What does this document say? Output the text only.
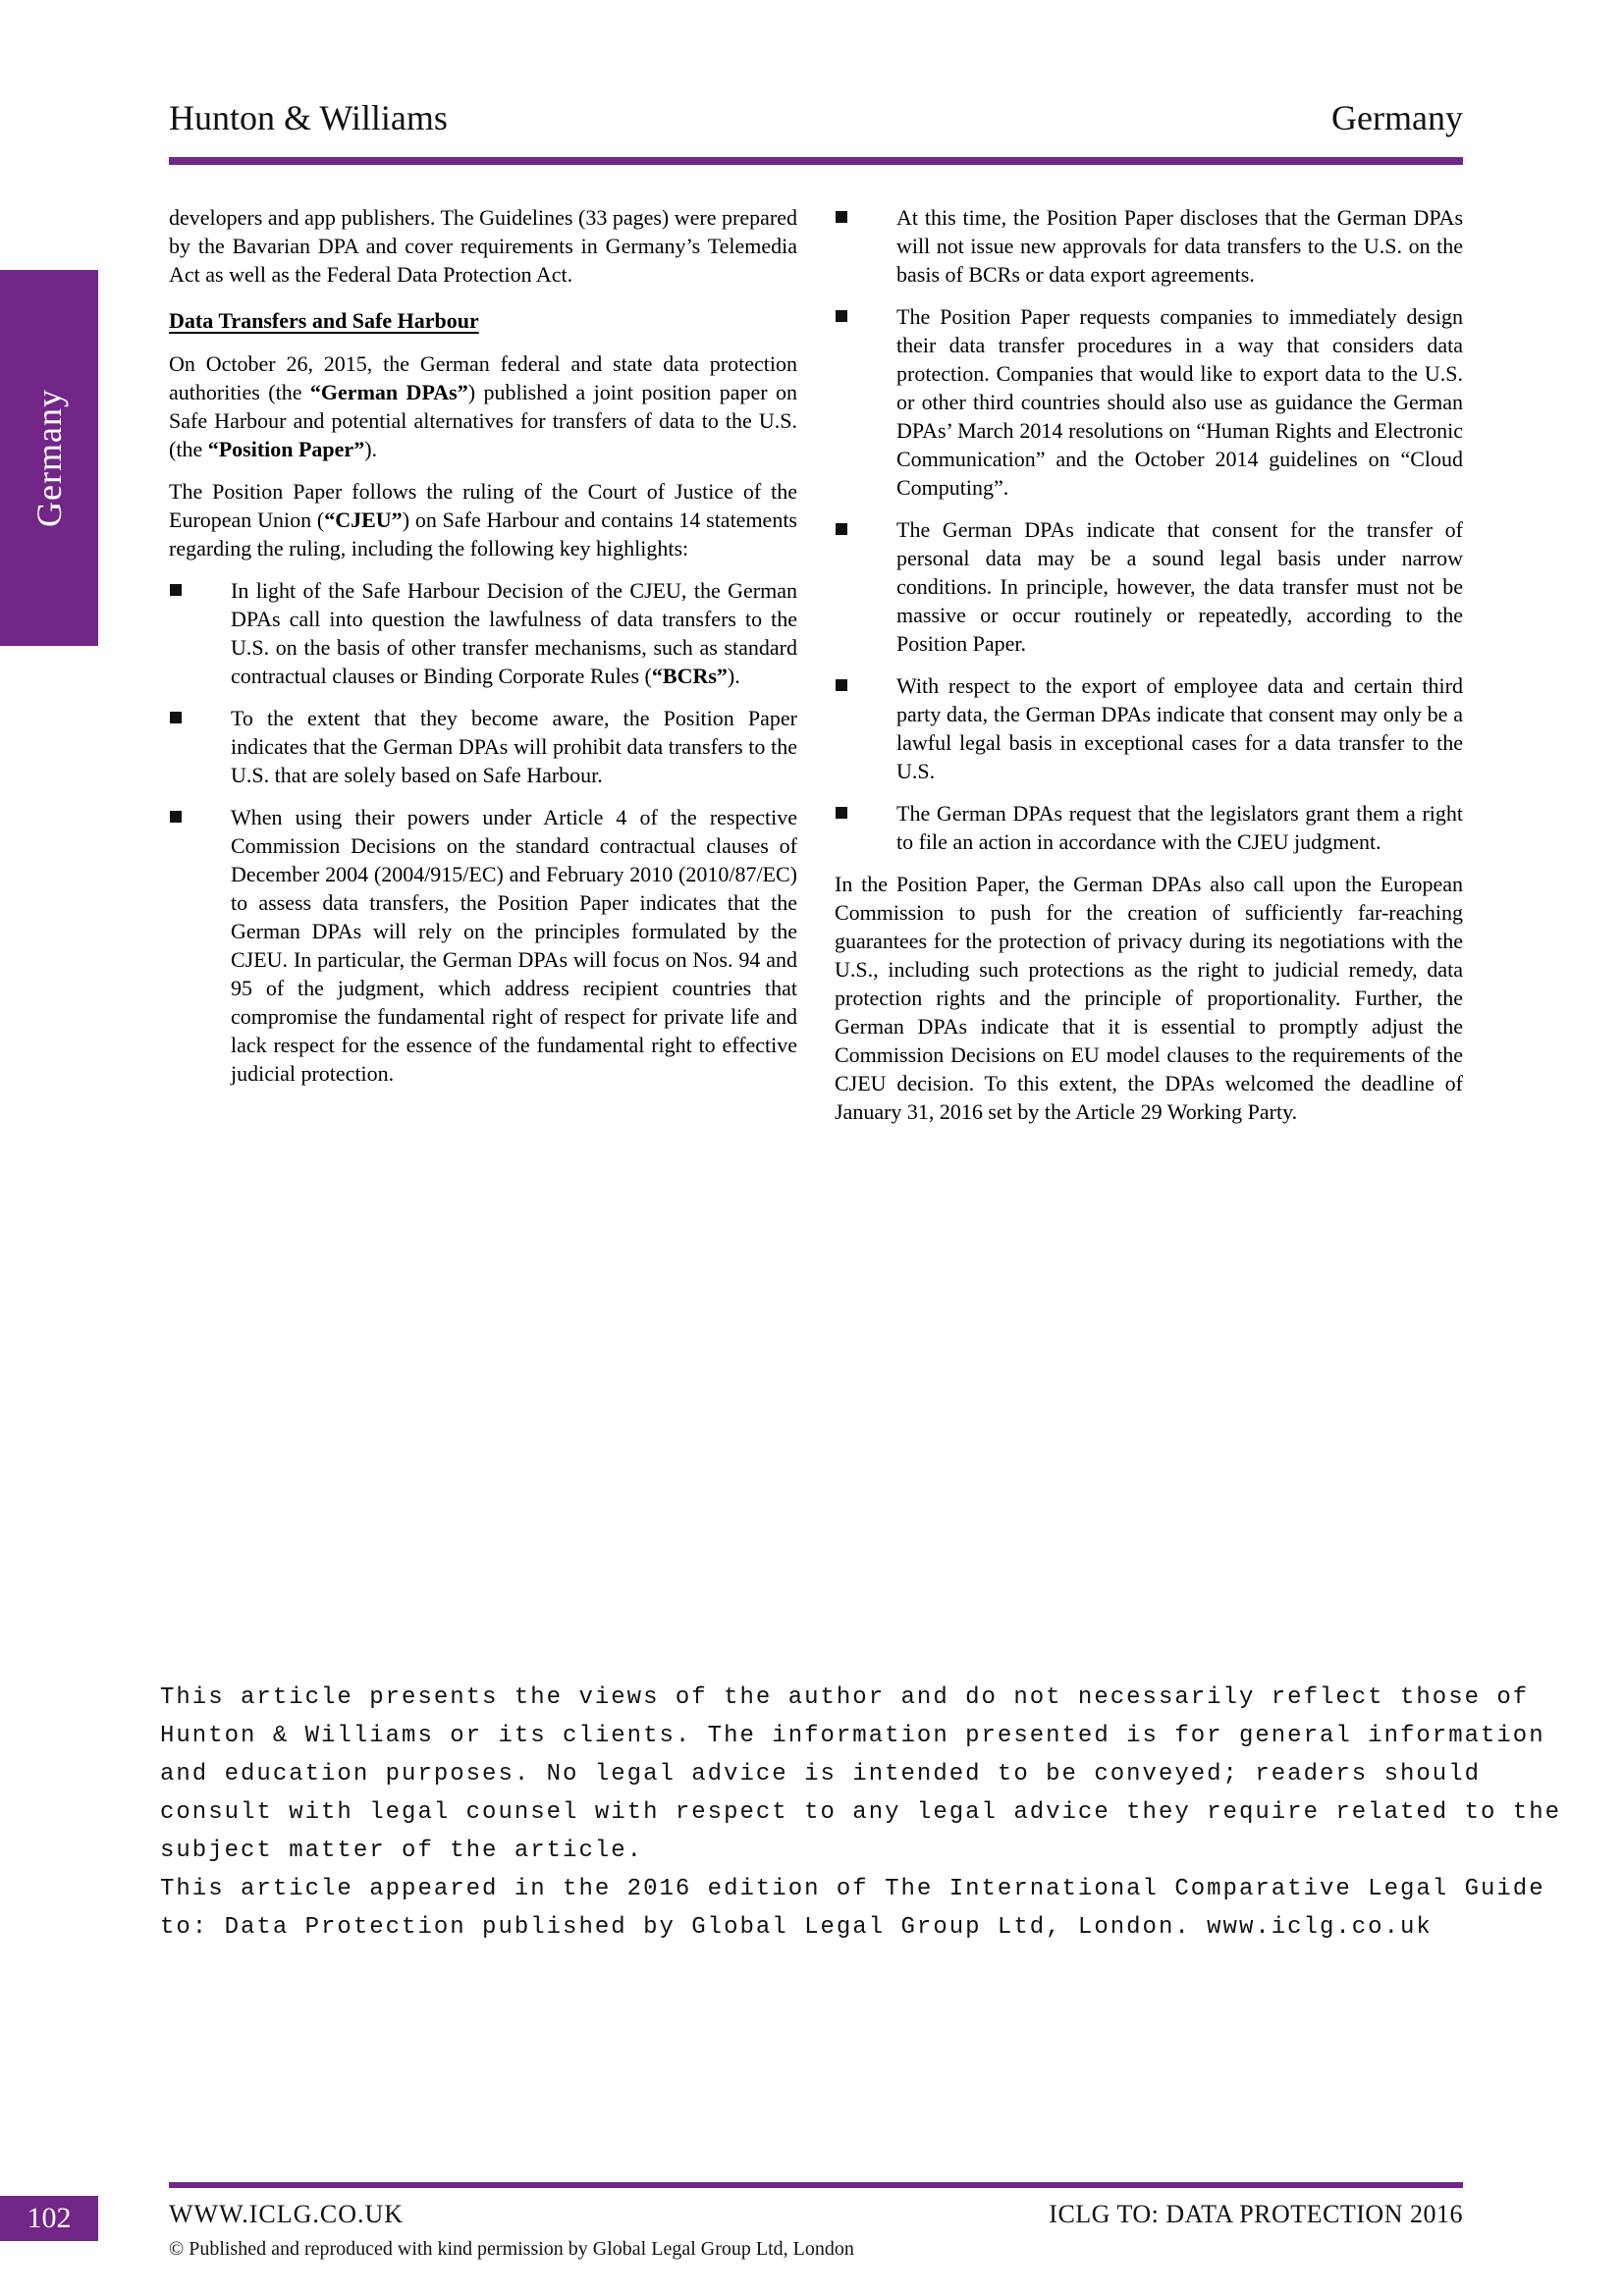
Hunton & Williams	Germany
Germany

developers and app publishers. The Guidelines (33 pages) were prepared by the Bavarian DPA and cover requirements in Germany’s Telemedia Act as well as the Federal Data Protection Act.

Data Transfers and Safe Harbour

On October 26, 2015, the German federal and state data protection authorities (the “German DPAs”) published a joint position paper on Safe Harbour and potential alternatives for transfers of data to the U.S. (the “Position Paper”).

The Position Paper follows the ruling of the Court of Justice of the European Union (“CJEU”) on Safe Harbour and contains 14 statements regarding the ruling, including the following key highlights:

In light of the Safe Harbour Decision of the CJEU, the German DPAs call into question the lawfulness of data transfers to the U.S. on the basis of other transfer mechanisms, such as standard contractual clauses or Binding Corporate Rules (“BCRs”).
To the extent that they become aware, the Position Paper indicates that the German DPAs will prohibit data transfers to the U.S. that are solely based on Safe Harbour.
When using their powers under Article 4 of the respective Commission Decisions on the standard contractual clauses of December 2004 (2004/915/EC) and February 2010 (2010/87/EC) to assess data transfers, the Position Paper indicates that the German DPAs will rely on the principles formulated by the CJEU. In particular, the German DPAs will focus on Nos. 94 and 95 of the judgment, which address recipient countries that compromise the fundamental right of respect for private life and lack respect for the essence of the fundamental right to effective judicial protection.
At this time, the Position Paper discloses that the German DPAs will not issue new approvals for data transfers to the U.S. on the basis of BCRs or data export agreements.
The Position Paper requests companies to immediately design their data transfer procedures in a way that considers data protection. Companies that would like to export data to the U.S. or other third countries should also use as guidance the German DPAs’ March 2014 resolutions on “Human Rights and Electronic Communication” and the October 2014 guidelines on “Cloud Computing”.
The German DPAs indicate that consent for the transfer of personal data may be a sound legal basis under narrow conditions. In principle, however, the data transfer must not be massive or occur routinely or repeatedly, according to the Position Paper.
With respect to the export of employee data and certain third party data, the German DPAs indicate that consent may only be a lawful legal basis in exceptional cases for a data transfer to the U.S.
The German DPAs request that the legislators grant them a right to file an action in accordance with the CJEU judgment.

In the Position Paper, the German DPAs also call upon the European Commission to push for the creation of sufficiently far-reaching guarantees for the protection of privacy during its negotiations with the U.S., including such protections as the right to judicial remedy, data protection rights and the principle of proportionality. Further, the German DPAs indicate that it is essential to promptly adjust the Commission Decisions on EU model clauses to the requirements of the CJEU decision. To this extent, the DPAs welcomed the deadline of January 31, 2016 set by the Article 29 Working Party.

This article presents the views of the author and do not necessarily reflect those of
Hunton & Williams or its clients. The information presented is for general information
and education purposes. No legal advice is intended to be conveyed; readers should
consult with legal counsel with respect to any legal advice they require related to the
subject matter of the article.
This article appeared in the 2016 edition of The International Comparative Legal Guide
to: Data Protection published by Global Legal Group Ltd, London. www.iclg.co.uk
102	WWW.ICLG.CO.UK	ICLG TO: DATA PROTECTION 2016
© Published and reproduced with kind permission by Global Legal Group Ltd, London
